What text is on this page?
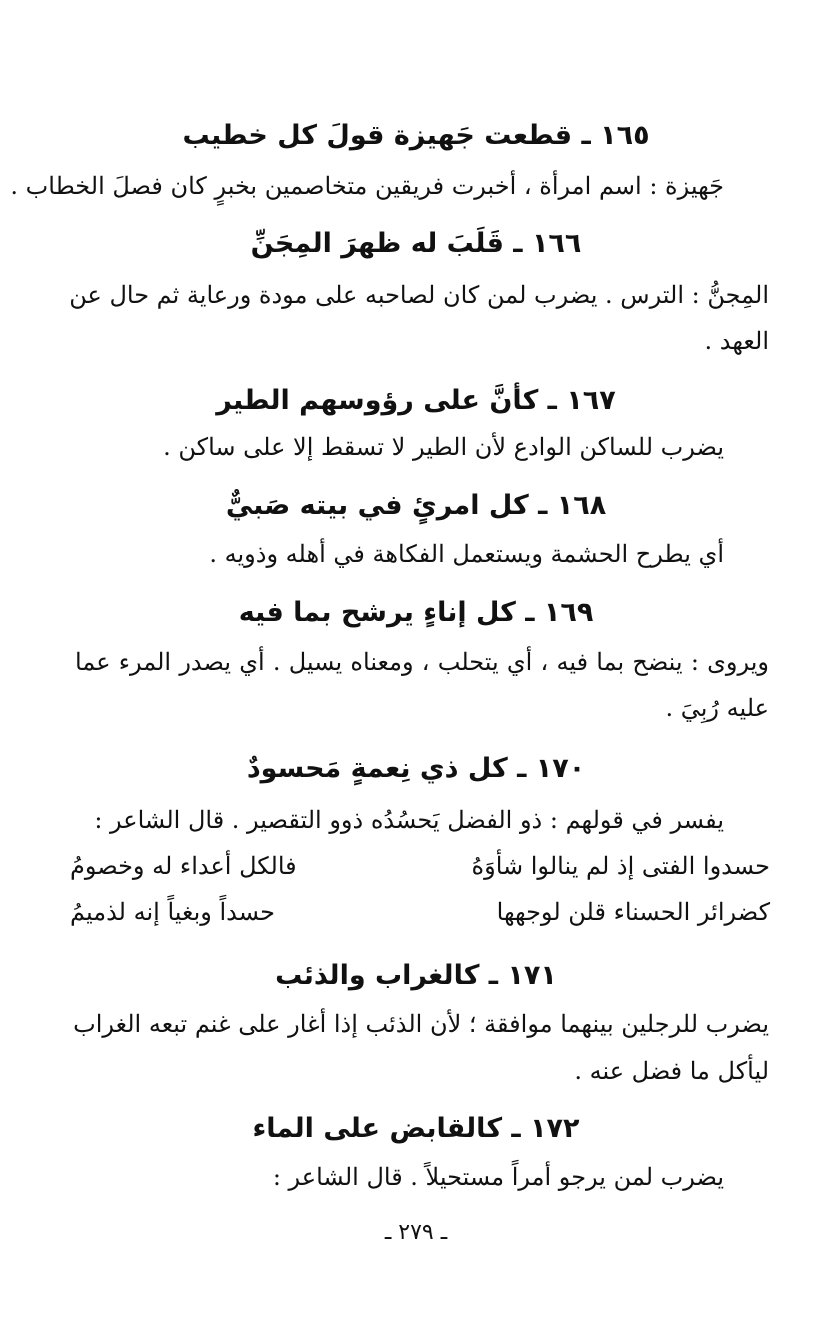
١٦٥ ـ قطعت جَهيزة قولَ كل خطيب
جَهيزة : اسم امرأة ، أخبرت فريقين متخاصمين بخبرٍ كان فصلَ الخطاب .
١٦٦ ـ قَلَبَ له ظهرَ المِجَنِّ
المِجنُّ : الترس . يضرب لمن كان لصاحبه على مودة ورعاية ثم حال عن
العهد .
١٦٧ ـ كأنَّ على رؤوسهم الطير
يضرب للساكن الوادع لأن الطير لا تسقط إلا على ساكن .
١٦٨ ـ كل امرئٍ في بيته صَبيٌّ
أي يطرح الحشمة ويستعمل الفكاهة في أهله وذويه .
١٦٩ ـ كل إناءٍ يرشح بما فيه
ويروى : ينضح بما فيه ، أي يتحلب ، ومعناه يسيل . أي يصدر المرء عما
عليه رُبِيَ .
١٧٠ ـ كل ذي نِعمةٍ مَحسودٌ
يفسر في قولهم : ذو الفضل يَحسُدُه ذوو التقصير . قال الشاعر :
حسدوا الفتى إذ لم ينالوا شأوَهُ
فالكل أعداء له وخصومُ
كضرائر الحسناء قلن لوجهها
حسداً وبغياً إنه لذميمُ
١٧١ ـ كالغراب والذئب
يضرب للرجلين بينهما موافقة ؛ لأن الذئب إذا أغار على غنم تبعه الغراب
ليأكل ما فضل عنه .
١٧٢ ـ كالقابض على الماء
يضرب لمن يرجو أمراً مستحيلاً . قال الشاعر :
ـ ٢٧٩ ـ
